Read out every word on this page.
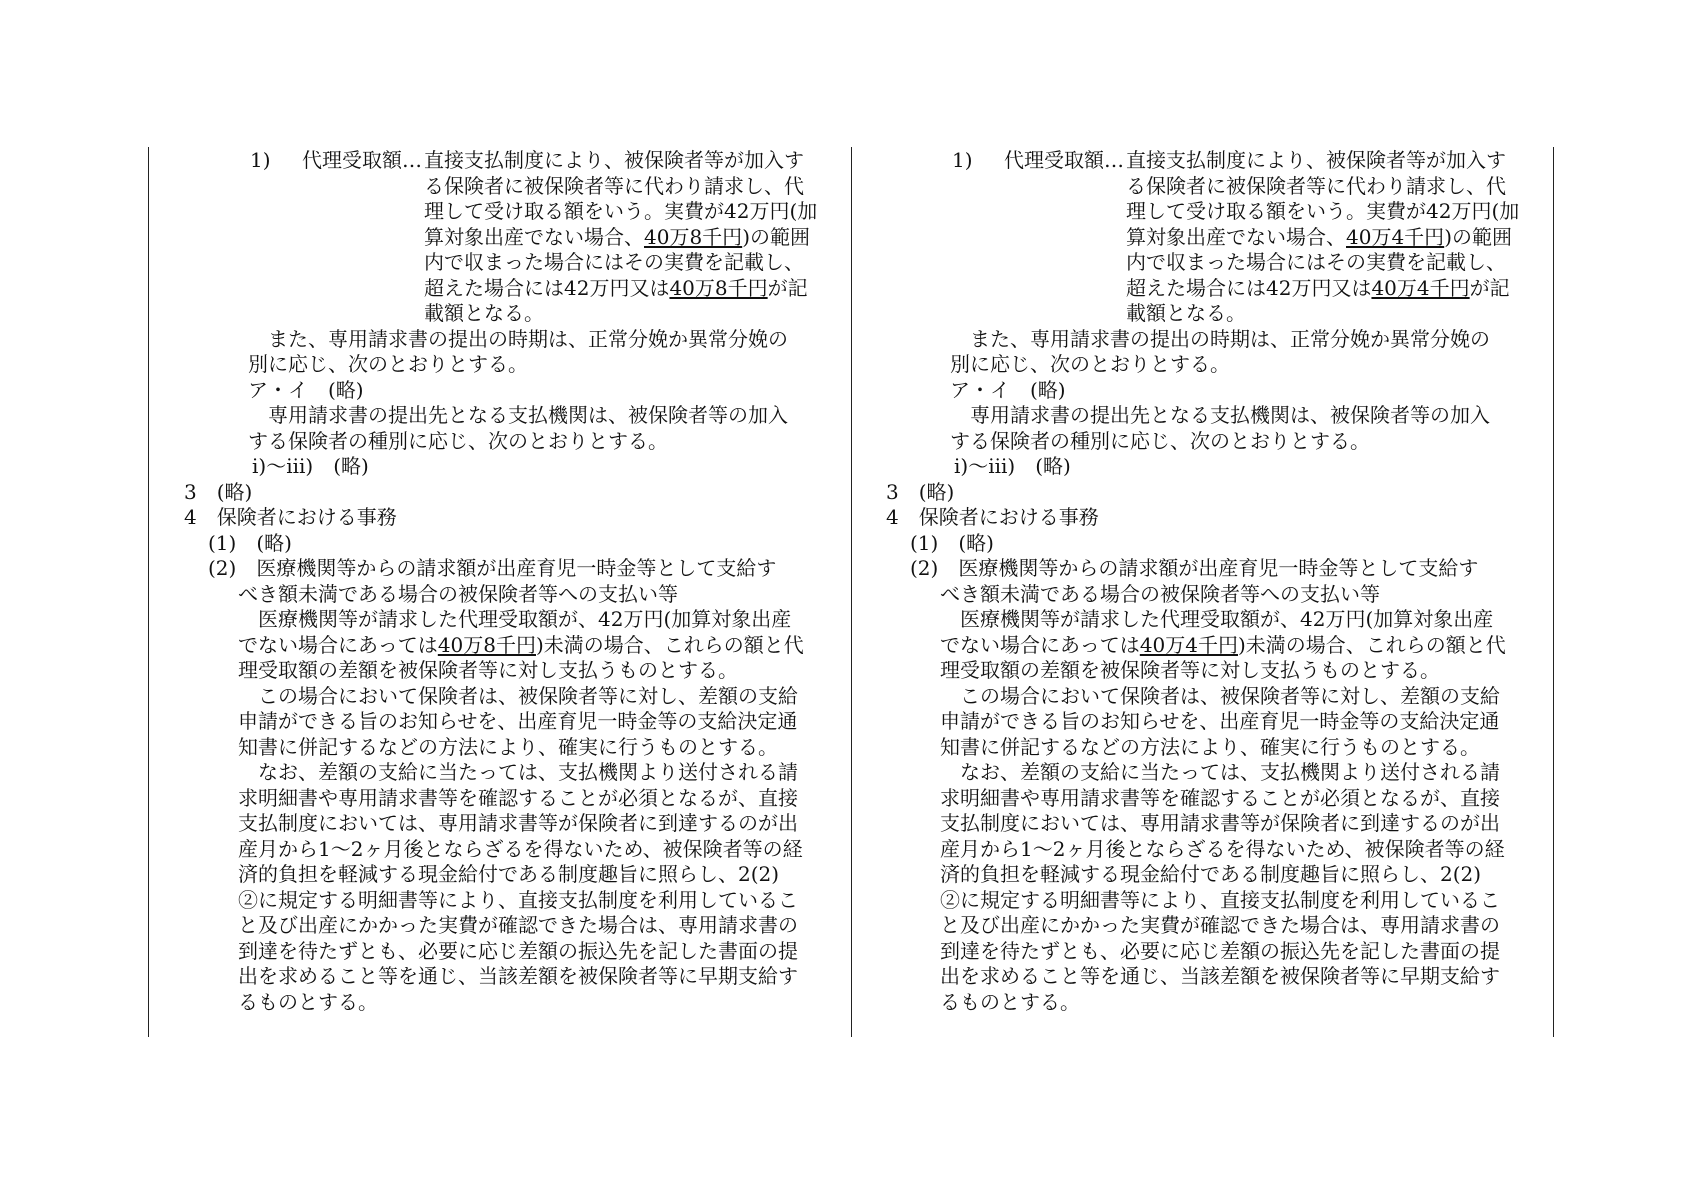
1) 代理受取額… 直接支払制度により、被保険者等が加入す
る保険者に被保険者等に代わり請求し、代
理して受け取る額をいう。実費が42万円(加
算対象出産でない場合、40万8千円)の範囲
内で収まった場合にはその実費を記載し、
超えた場合には42万円又は40万8千円が記
載額となる。
また、専用請求書の提出の時期は、正常分娩か異常分娩の
別に応じ、次のとおりとする。
ア・イ　(略)
専用請求書の提出先となる支払機関は、被保険者等の加入
する保険者の種別に応じ、次のとおりとする。
i)〜iii)　(略)
3　(略)
4　保険者における事務
(1)　(略)
(2)　医療機関等からの請求額が出産育児一時金等として支給す
べき額未満である場合の被保険者等への支払い等
医療機関等が請求した代理受取額が、42万円(加算対象出産
でない場合にあっては40万8千円)未満の場合、これらの額と代
理受取額の差額を被保険者等に対し支払うものとする。
この場合において保険者は、被保険者等に対し、差額の支給
申請ができる旨のお知らせを、出産育児一時金等の支給決定通
知書に併記するなどの方法により、確実に行うものとする。
なお、差額の支給に当たっては、支払機関より送付される請
求明細書や専用請求書等を確認することが必須となるが、直接
支払制度においては、専用請求書等が保険者に到達するのが出
産月から1〜2ヶ月後とならざるを得ないため、被保険者等の経
済的負担を軽減する現金給付である制度趣旨に照らし、2(2)
②に規定する明細書等により、直接支払制度を利用しているこ
と及び出産にかかった実費が確認できた場合は、専用請求書の
到達を待たずとも、必要に応じ差額の振込先を記した書面の提
出を求めること等を通じ、当該差額を被保険者等に早期支給す
るものとする。
1) 代理受取額… 直接支払制度により、被保険者等が加入す
る保険者に被保険者等に代わり請求し、代
理して受け取る額をいう。実費が42万円(加
算対象出産でない場合、40万4千円)の範囲
内で収まった場合にはその実費を記載し、
超えた場合には42万円又は40万4千円が記
載額となる。
また、専用請求書の提出の時期は、正常分娩か異常分娩の
別に応じ、次のとおりとする。
ア・イ　(略)
専用請求書の提出先となる支払機関は、被保険者等の加入
する保険者の種別に応じ、次のとおりとする。
i)〜iii)　(略)
3　(略)
4　保険者における事務
(1)　(略)
(2)　医療機関等からの請求額が出産育児一時金等として支給す
べき額未満である場合の被保険者等への支払い等
医療機関等が請求した代理受取額が、42万円(加算対象出産
でない場合にあっては40万4千円)未満の場合、これらの額と代
理受取額の差額を被保険者等に対し支払うものとする。
この場合において保険者は、被保険者等に対し、差額の支給
申請ができる旨のお知らせを、出産育児一時金等の支給決定通
知書に併記するなどの方法により、確実に行うものとする。
なお、差額の支給に当たっては、支払機関より送付される請
求明細書や専用請求書等を確認することが必須となるが、直接
支払制度においては、専用請求書等が保険者に到達するのが出
産月から1〜2ヶ月後とならざるを得ないため、被保険者等の経
済的負担を軽減する現金給付である制度趣旨に照らし、2(2)
②に規定する明細書等により、直接支払制度を利用しているこ
と及び出産にかかった実費が確認できた場合は、専用請求書の
到達を待たずとも、必要に応じ差額の振込先を記した書面の提
出を求めること等を通じ、当該差額を被保険者等に早期支給す
るものとする。
